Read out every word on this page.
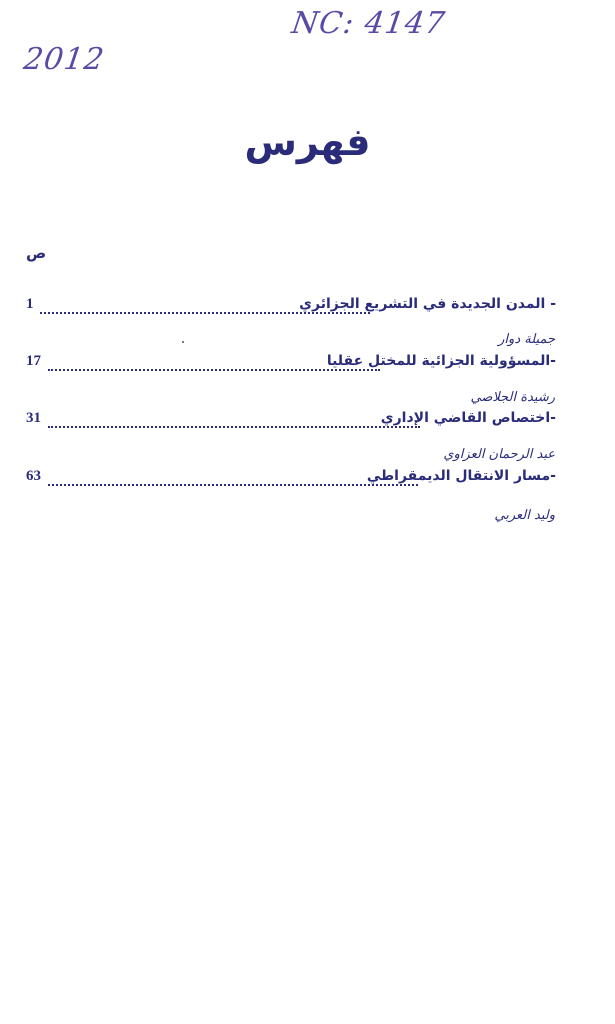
NC: 4147
2012
فهرس
ص
1	- المدن الجديدة في التشريع الجزائري
جميلة دوار
17	-المسؤولية الجزائية للمختل عقليا
رشيدة الجلاصي
31	-اختصاص القاضي الإداري
عبد الرحمان العزاوي
63	-مسار الانتقال الديمقراطي
وليد العربي
